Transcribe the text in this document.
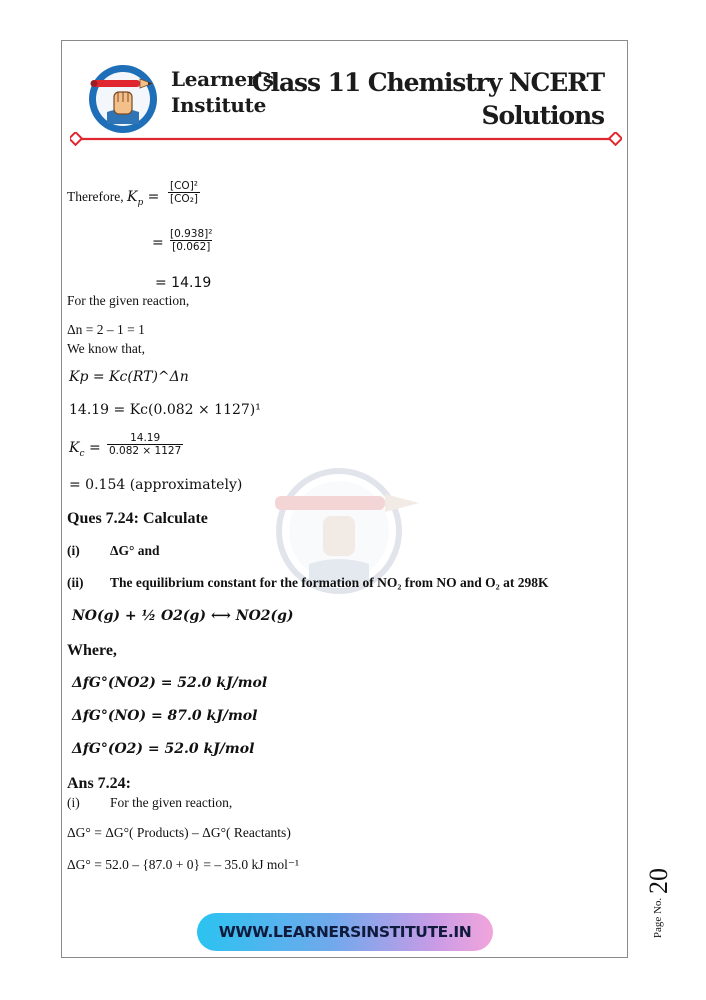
Learner's
Institute
Class 11 Chemistry NCERT
Solutions
Therefore, $K_p = \frac{\text{[CO]²}}{\text{[CO₂]}}$
= $\frac{\text{[0.938]²}}{[0.062]}$
= 14.19
For the given reaction,
Δn = 2 – 1 = 1
We know that,
Kp = Kc(RT)^Δn
14.19 = Kc(0.082 × 1127)¹
$K_c = \frac{14.19}{0.082 \times 1127}$
= 0.154 (approximately)
Ques 7.24: Calculate
(i) ΔG° and
(ii) The equilibrium constant for the formation of NO₂ from NO and O₂ at 298K
NO(g) + ½ O2(g) ⟷ NO2(g)
Where,
ΔfG°(NO2) = 52.0 kJ/mol
ΔfG°(NO) = 87.0 kJ/mol
ΔfG°(O2) = 52.0 kJ/mol
Ans 7.24:
(i) For the given reaction,
ΔG° = ΔG°( Products) – ΔG°( Reactants)
ΔG° = 52.0 – {87.0 + 0} = – 35.0 kJ mol⁻¹
20
Page No.
WWW.LEARNERSINSTITUTE.IN
